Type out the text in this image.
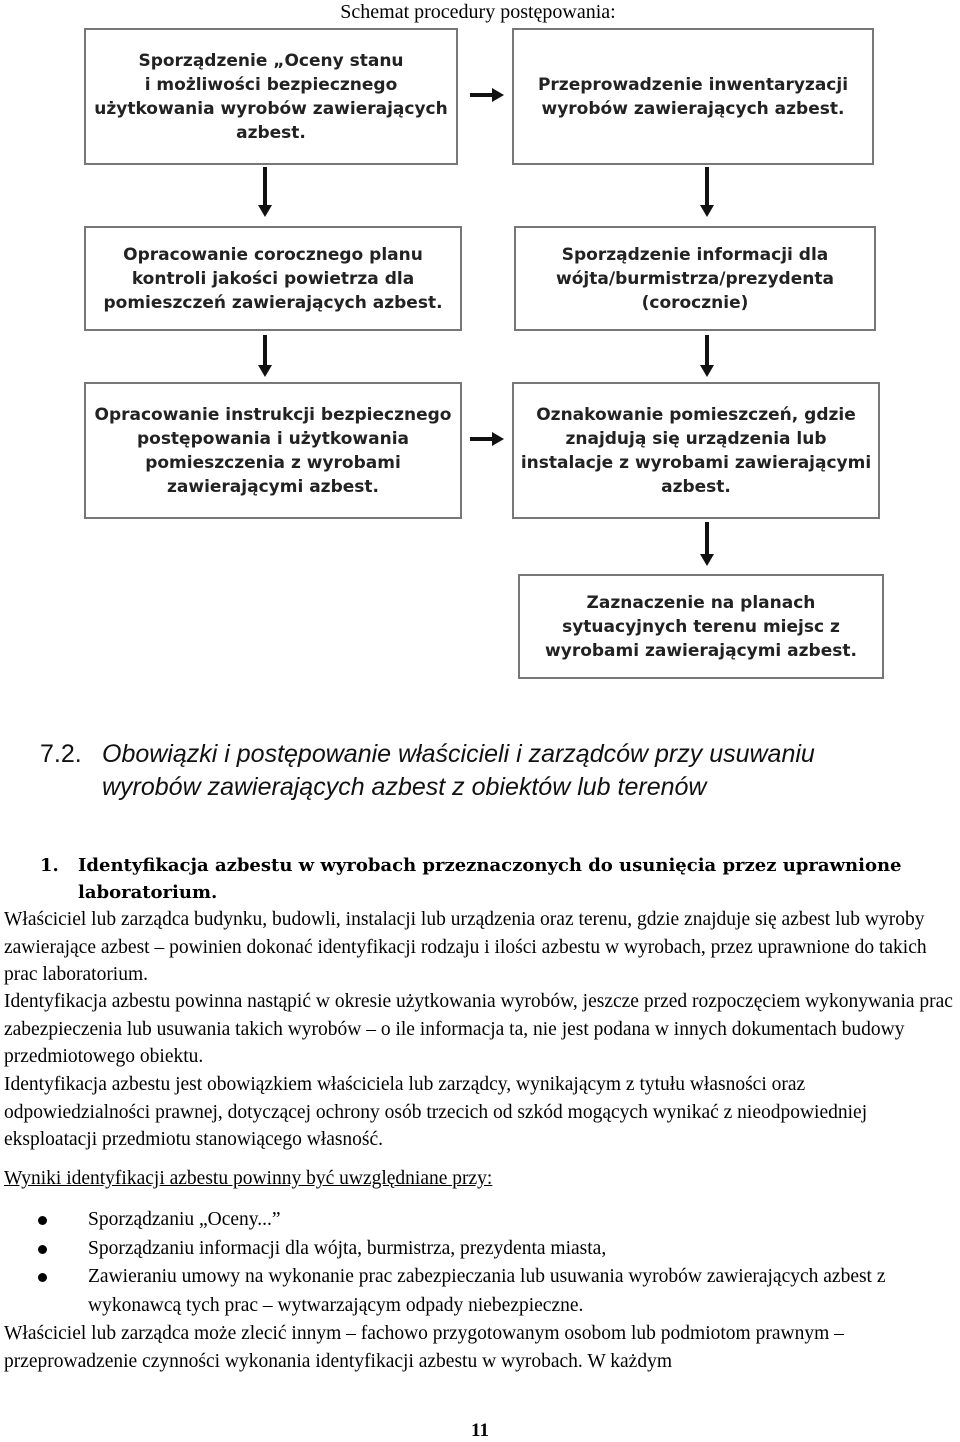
Schemat procedury postępowania:
Sporządzenie „Oceny stanu
i możliwości bezpiecznego
użytkowania wyrobów zawierających
azbest.
Przeprowadzenie inwentaryzacji
wyrobów zawierających azbest.
Opracowanie corocznego planu
kontroli jakości powietrza dla
pomieszczeń zawierających azbest.
Sporządzenie informacji dla
wójta/burmistrza/prezydenta
(corocznie)
Opracowanie instrukcji bezpiecznego
postępowania i użytkowania
pomieszczenia z wyrobami
zawierającymi azbest.
Oznakowanie pomieszczeń, gdzie
znajdują się urządzenia lub
instalacje z wyrobami zawierającymi
azbest.
Zaznaczenie na planach
sytuacyjnych terenu miejsc z
wyrobami zawierającymi azbest.
7.2. Obowiązki i postępowanie właścicieli i zarządców przy usuwaniu
wyrobów zawierających azbest z obiektów lub terenów
1. Identyfikacja azbestu w wyrobach przeznaczonych do usunięcia przez uprawnione laboratorium.

Właściciel lub zarządca budynku, budowli, instalacji lub urządzenia oraz terenu, gdzie znajduje się azbest lub wyroby zawierające azbest – powinien dokonać identyfikacji rodzaju i ilości azbestu w wyrobach, przez uprawnione do takich prac laboratorium.

Identyfikacja azbestu powinna nastąpić w okresie użytkowania wyrobów, jeszcze przed rozpoczęciem wykonywania prac zabezpieczenia lub usuwania takich wyrobów – o ile informacja ta, nie jest podana w innych dokumentach budowy przedmiotowego obiektu.

Identyfikacja azbestu jest obowiązkiem właściciela lub zarządcy, wynikającym z tytułu własności oraz odpowiedzialności prawnej, dotyczącej ochrony osób trzecich od szkód mogących wynikać z nieodpowiedniej eksploatacji przedmiotu stanowiącego własność.

Wyniki identyfikacji azbestu powinny być uwzględniane przy:

Sporządzaniu „Oceny...”
Sporządzaniu informacji dla wójta, burmistrza, prezydenta miasta,
Zawieraniu umowy na wykonanie prac zabezpieczania lub usuwania wyrobów zawierających azbest z wykonawcą tych prac – wytwarzającym odpady niebezpieczne.

Właściciel lub zarządca może zlecić innym – fachowo przygotowanym osobom lub podmiotom prawnym – przeprowadzenie czynności wykonania identyfikacji azbestu w wyrobach. W każdym

11
